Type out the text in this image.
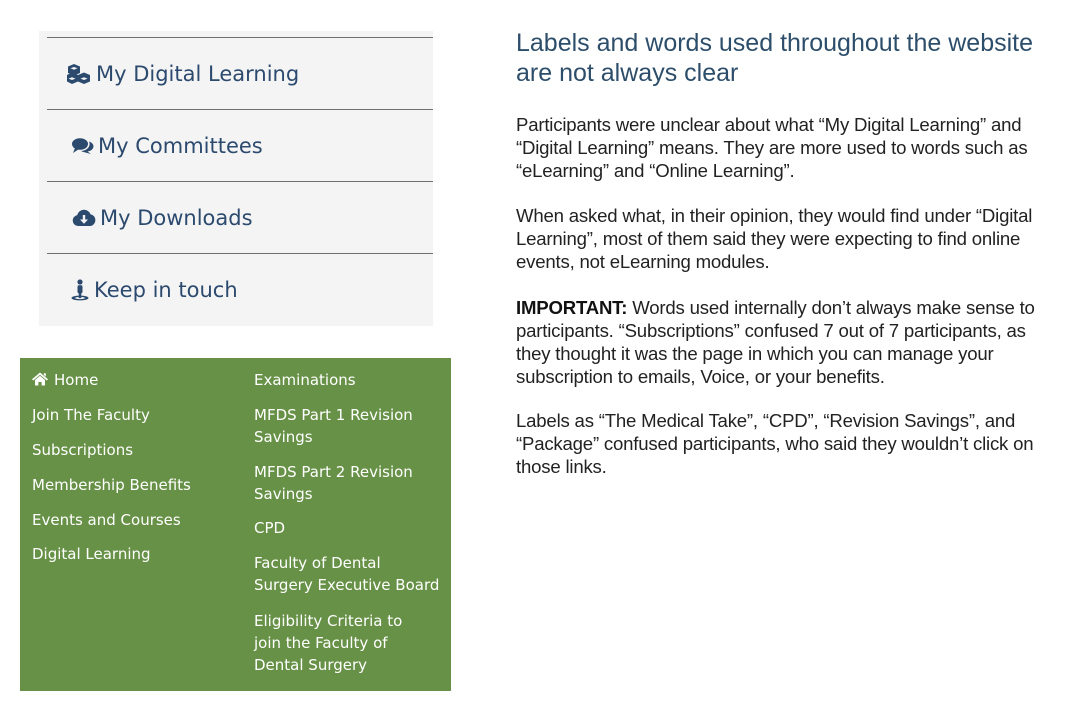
My Digital Learning
My Committees
My Downloads
Keep in touch
Home
Join The Faculty
Subscriptions
Membership Benefits
Events and Courses
Digital Learning
Examinations
MFDS Part 1 Revision Savings
MFDS Part 2 Revision Savings
CPD
Faculty of Dental Surgery Executive Board
Eligibility Criteria to join the Faculty of Dental Surgery
Labels and words used throughout the website are not always clear

Participants were unclear about what “My Digital Learning” and “Digital Learning” means. They are more used to words such as “eLearning” and “Online Learning”.

When asked what, in their opinion, they would find under “Digital Learning”, most of them said they were expecting to find online events, not eLearning modules.

IMPORTANT: Words used internally don’t always make sense to participants. “Subscriptions” confused 7 out of 7 participants, as they thought it was the page in which you can manage your subscription to emails, Voice, or your benefits.

Labels as “The Medical Take”, “CPD”, “Revision Savings”, and “Package” confused participants, who said they wouldn’t click on those links.
